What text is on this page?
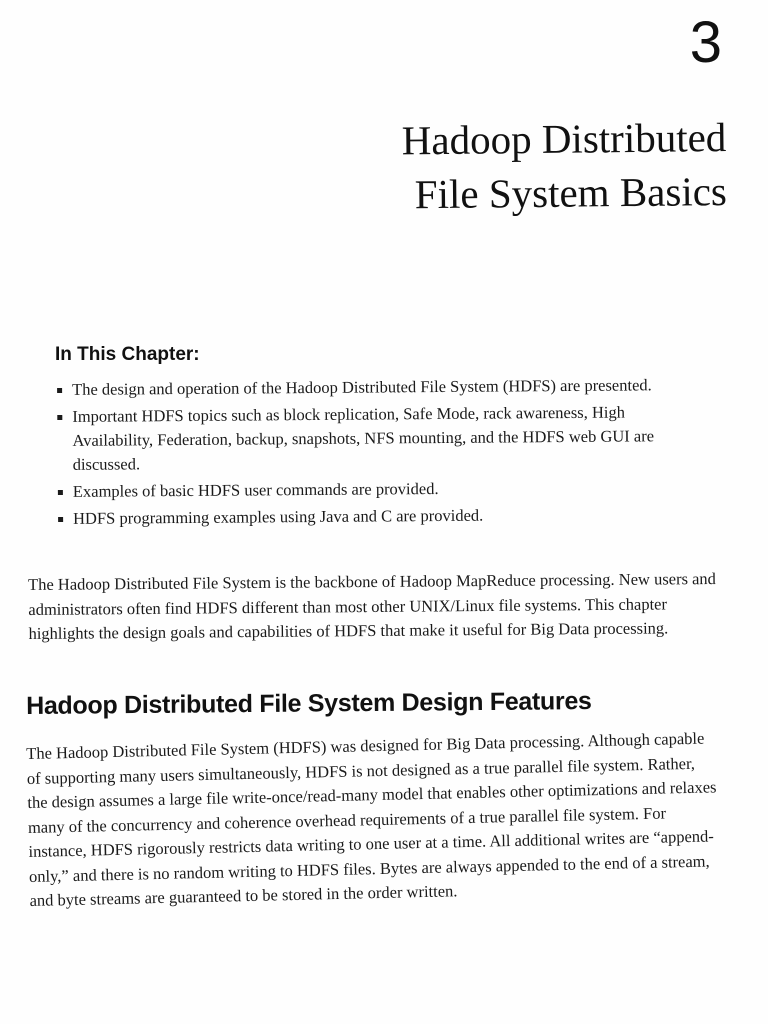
3
Hadoop Distributed
File System Basics
In This Chapter:
The design and operation of the Hadoop Distributed File System (HDFS) are presented.
Important HDFS topics such as block replication, Safe Mode, rack awareness, High Availability, Federation, backup, snapshots, NFS mounting, and the HDFS web GUI are discussed.
Examples of basic HDFS user commands are provided.
HDFS programming examples using Java and C are provided.

The Hadoop Distributed File System is the backbone of Hadoop MapReduce processing. New users and administrators often find HDFS different than most other UNIX/Linux file systems. This chapter highlights the design goals and capabilities of HDFS that make it useful for Big Data processing.

Hadoop Distributed File System Design Features

The Hadoop Distributed File System (HDFS) was designed for Big Data processing. Although capable of supporting many users simultaneously, HDFS is not designed as a true parallel file system. Rather, the design assumes a large file write-once/read-many model that enables other optimizations and relaxes many of the concurrency and coherence overhead requirements of a true parallel file system. For instance, HDFS rigorously restricts data writing to one user at a time. All additional writes are “append-only,” and there is no random writing to HDFS files. Bytes are always appended to the end of a stream, and byte streams are guaranteed to be stored in the order written.
